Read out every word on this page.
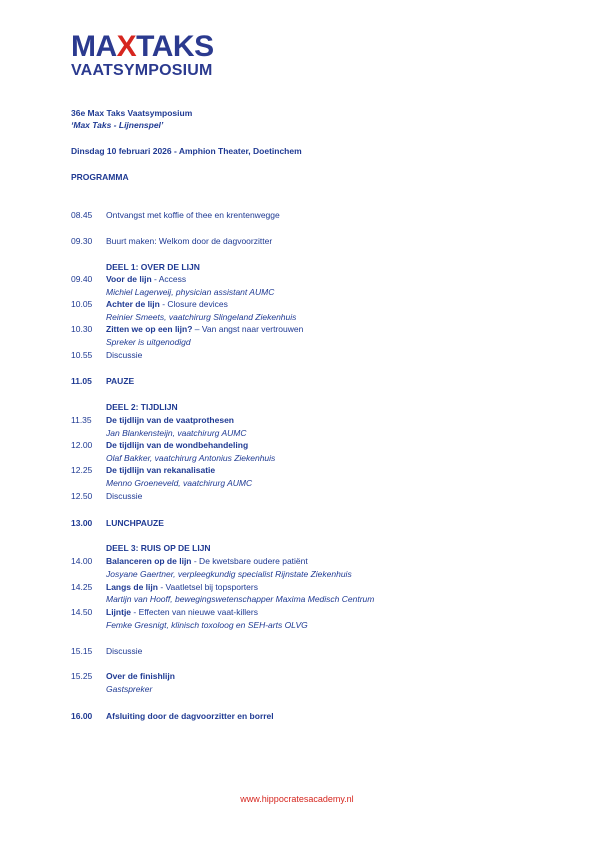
MAXTAKS
VAATSYMPOSIUM
36e Max Taks Vaatsymposium
‘Max Taks - Lijnenspel’
Dinsdag 10 februari 2026 - Amphion Theater, Doetinchem
PROGRAMMA
08.45	Ontvangst met koffie of thee en krentenwegge
09.30	Buurt maken: Welkom door de dagvoorzitter
DEEL 1: OVER DE LIJN
09.40	Voor de lijn - Access
Michiel Lagerweij, physician assistant AUMC
10.05	Achter de lijn - Closure devices
Reinier Smeets, vaatchirurg Slingeland Ziekenhuis
10.30	Zitten we op een lijn? – Van angst naar vertrouwen
Spreker is uitgenodigd
10.55	Discussie
11.05	PAUZE
DEEL 2: TIJDLIJN
11.35	De tijdlijn van de vaatprothesen
Jan Blankensteijn, vaatchirurg AUMC
12.00	De tijdlijn van de wondbehandeling
Olaf Bakker, vaatchirurg Antonius Ziekenhuis
12.25	De tijdlijn van rekanalisatie
Menno Groeneveld, vaatchirurg AUMC
12.50	Discussie
13.00	LUNCHPAUZE
DEEL 3: RUIS OP DE LIJN
14.00	Balanceren op de lijn - De kwetsbare oudere patiënt
Josyane Gaertner, verpleegkundig specialist Rijnstate Ziekenhuis
14.25	Langs de lijn - Vaatletsel bij topsporters
Martijn van Hooff, bewegingswetenschapper Maxima Medisch Centrum
14.50	Lijntje - Effecten van nieuwe vaat-killers
Femke Gresnigt, klinisch toxoloog en SEH-arts OLVG
15.15	Discussie
15.25	Over de finishlijn
Gastspreker
16.00	Afsluiting door de dagvoorzitter en borrel
www.hippocratesacademy.nl
